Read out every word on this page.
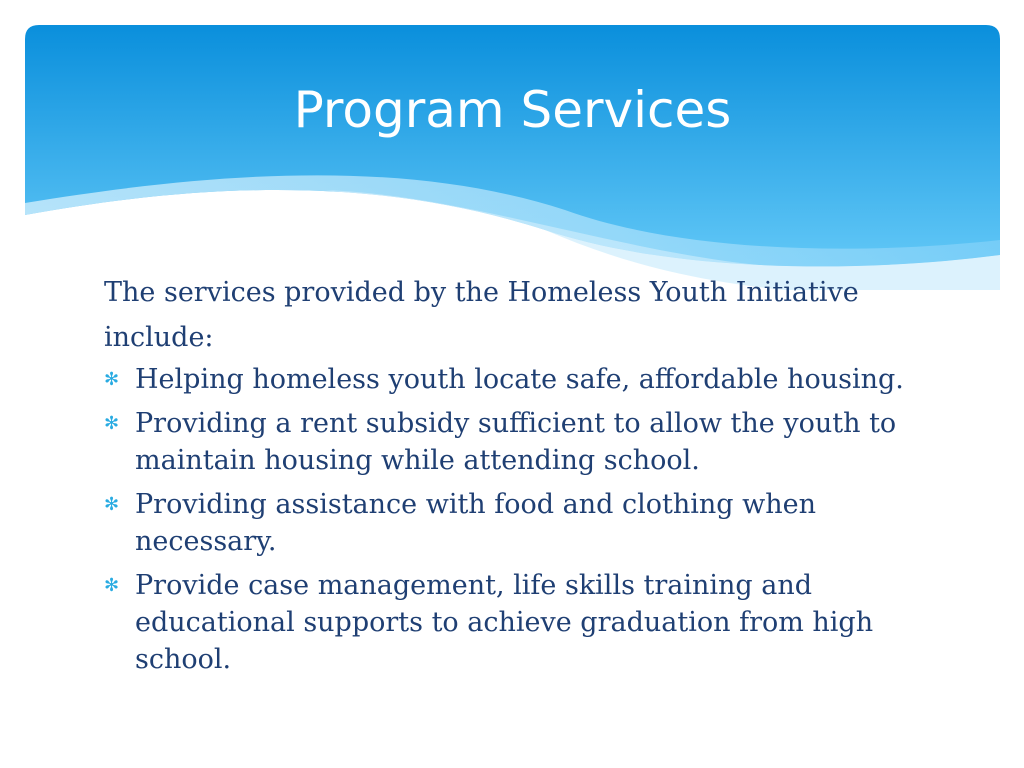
Program Services

The services provided by the Homeless Youth Initiative include:

✻ Helping homeless youth locate safe, affordable housing.
✻ Providing a rent subsidy sufficient to allow the youth to maintain housing while attending school.
✻ Providing assistance with food and clothing when necessary.
✻ Provide case management, life skills training and educational supports to achieve graduation from high school.
